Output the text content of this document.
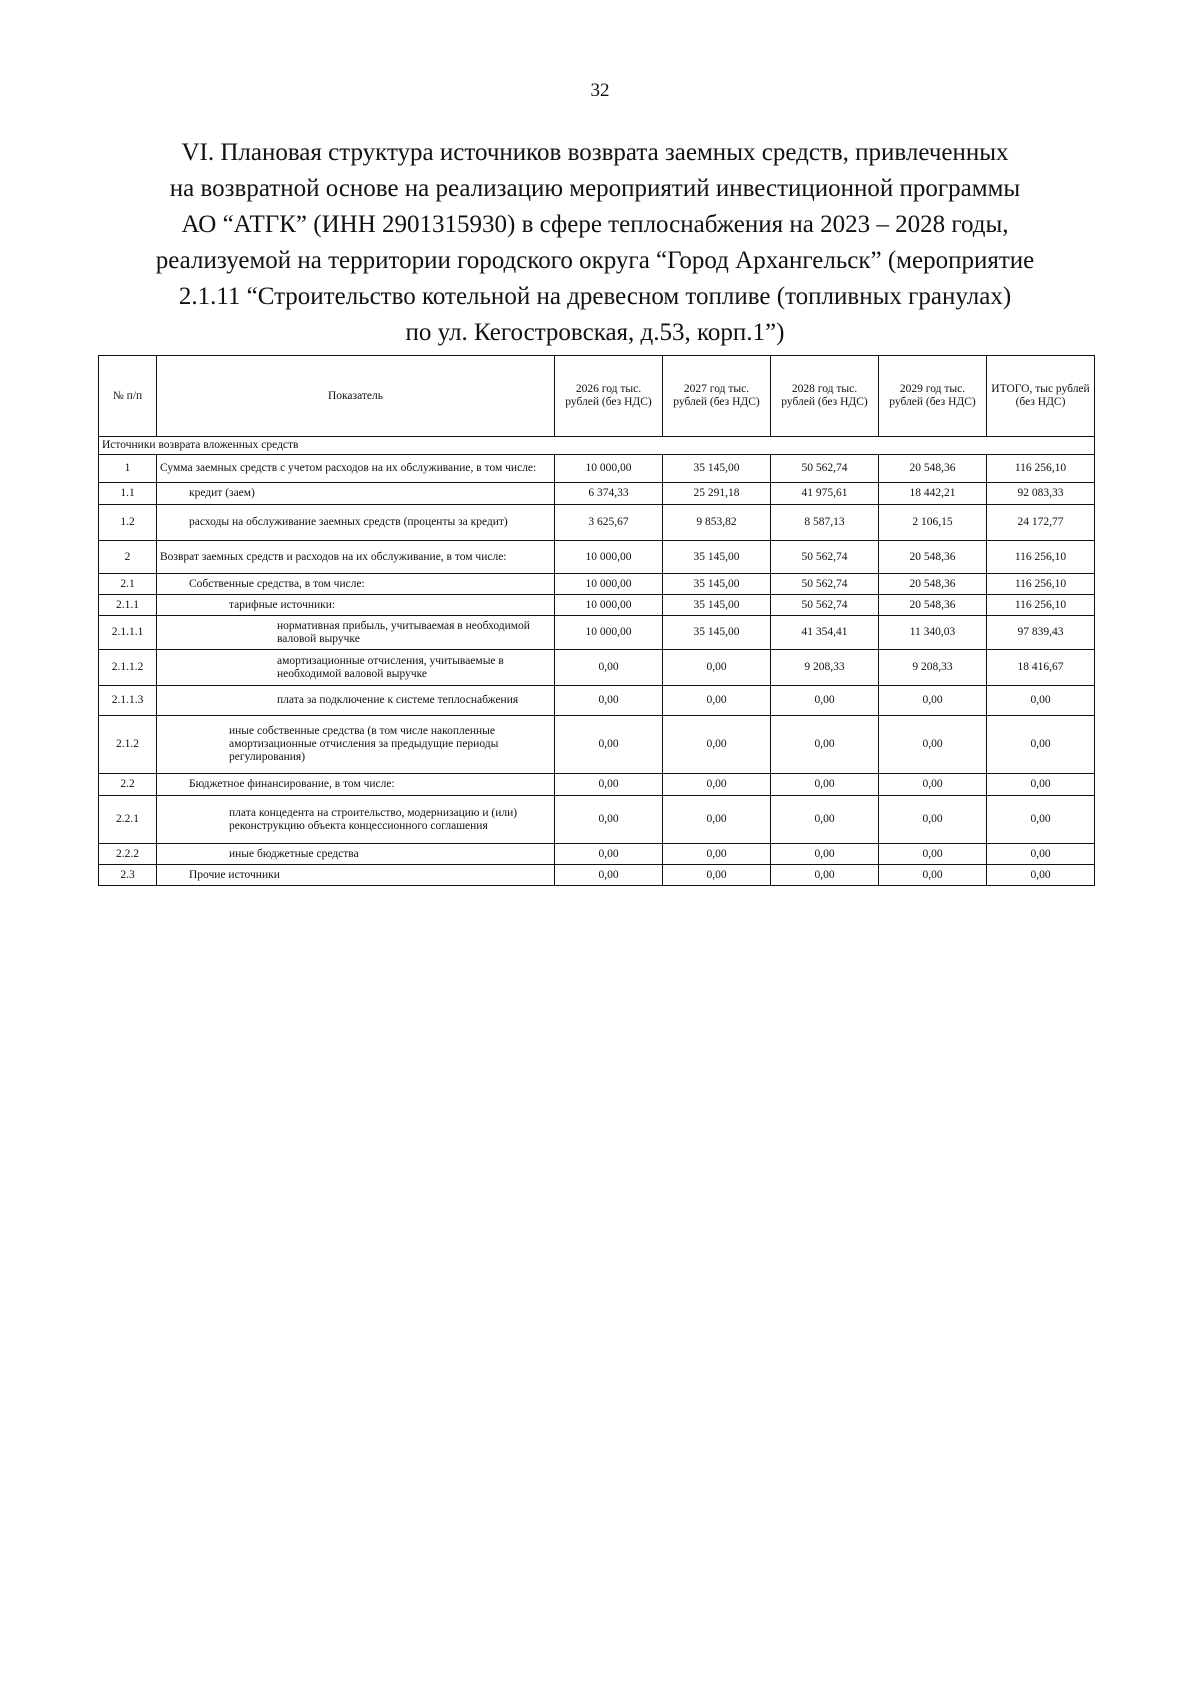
32
VI. Плановая структура источников возврата заемных средств, привлеченных
на возвратной основе на реализацию мероприятий инвестиционной программы
АО “АТГК” (ИНН 2901315930) в сфере теплоснабжения на 2023 – 2028 годы,
реализуемой на территории городского округа “Город Архангельск” (мероприятие
2.1.11 “Строительство котельной на древесном топливе (топливных гранулах)
по ул. Кегостровская, д.53, корп.1”)
№ п/п	Показатель	2026 год тыс. рублей (без НДС)	2027 год тыс. рублей (без НДС)	2028 год тыс. рублей (без НДС)	2029 год тыс. рублей (без НДС)	ИТОГО, тыс рублей (без НДС)
Источники возврата вложенных средств						
1	Сумма заемных средств с учетом расходов на их обслуживание, в том числе:	10 000,00	35 145,00	50 562,74	20 548,36	116 256,10
1.1	кредит (заем)	6 374,33	25 291,18	41 975,61	18 442,21	92 083,33
1.2	расходы на обслуживание заемных средств (проценты за кредит)	3 625,67	9 853,82	8 587,13	2 106,15	24 172,77
2	Возврат заемных средств и расходов на их обслуживание, в том числе:	10 000,00	35 145,00	50 562,74	20 548,36	116 256,10
2.1	Собственные средства, в том числе:	10 000,00	35 145,00	50 562,74	20 548,36	116 256,10
2.1.1	тарифные источники:	10 000,00	35 145,00	50 562,74	20 548,36	116 256,10
2.1.1.1	нормативная прибыль, учитываемая в необходимой валовой выручке	10 000,00	35 145,00	41 354,41	11 340,03	97 839,43
2.1.1.2	амортизационные отчисления, учитываемые в необходимой валовой выручке	0,00	0,00	9 208,33	9 208,33	18 416,67
2.1.1.3	плата за подключение к системе теплоснабжения	0,00	0,00	0,00	0,00	0,00
2.1.2	иные собственные средства (в том числе накопленные амортизационные отчисления за предыдущие периоды регулирования)	0,00	0,00	0,00	0,00	0,00
2.2	Бюджетное финансирование, в том числе:	0,00	0,00	0,00	0,00	0,00
2.2.1	плата концедента на строительство, модернизацию и (или) реконструкцию объекта концессионного соглашения	0,00	0,00	0,00	0,00	0,00
2.2.2	иные бюджетные средства	0,00	0,00	0,00	0,00	0,00
2.3	Прочие источники	0,00	0,00	0,00	0,00	0,00
